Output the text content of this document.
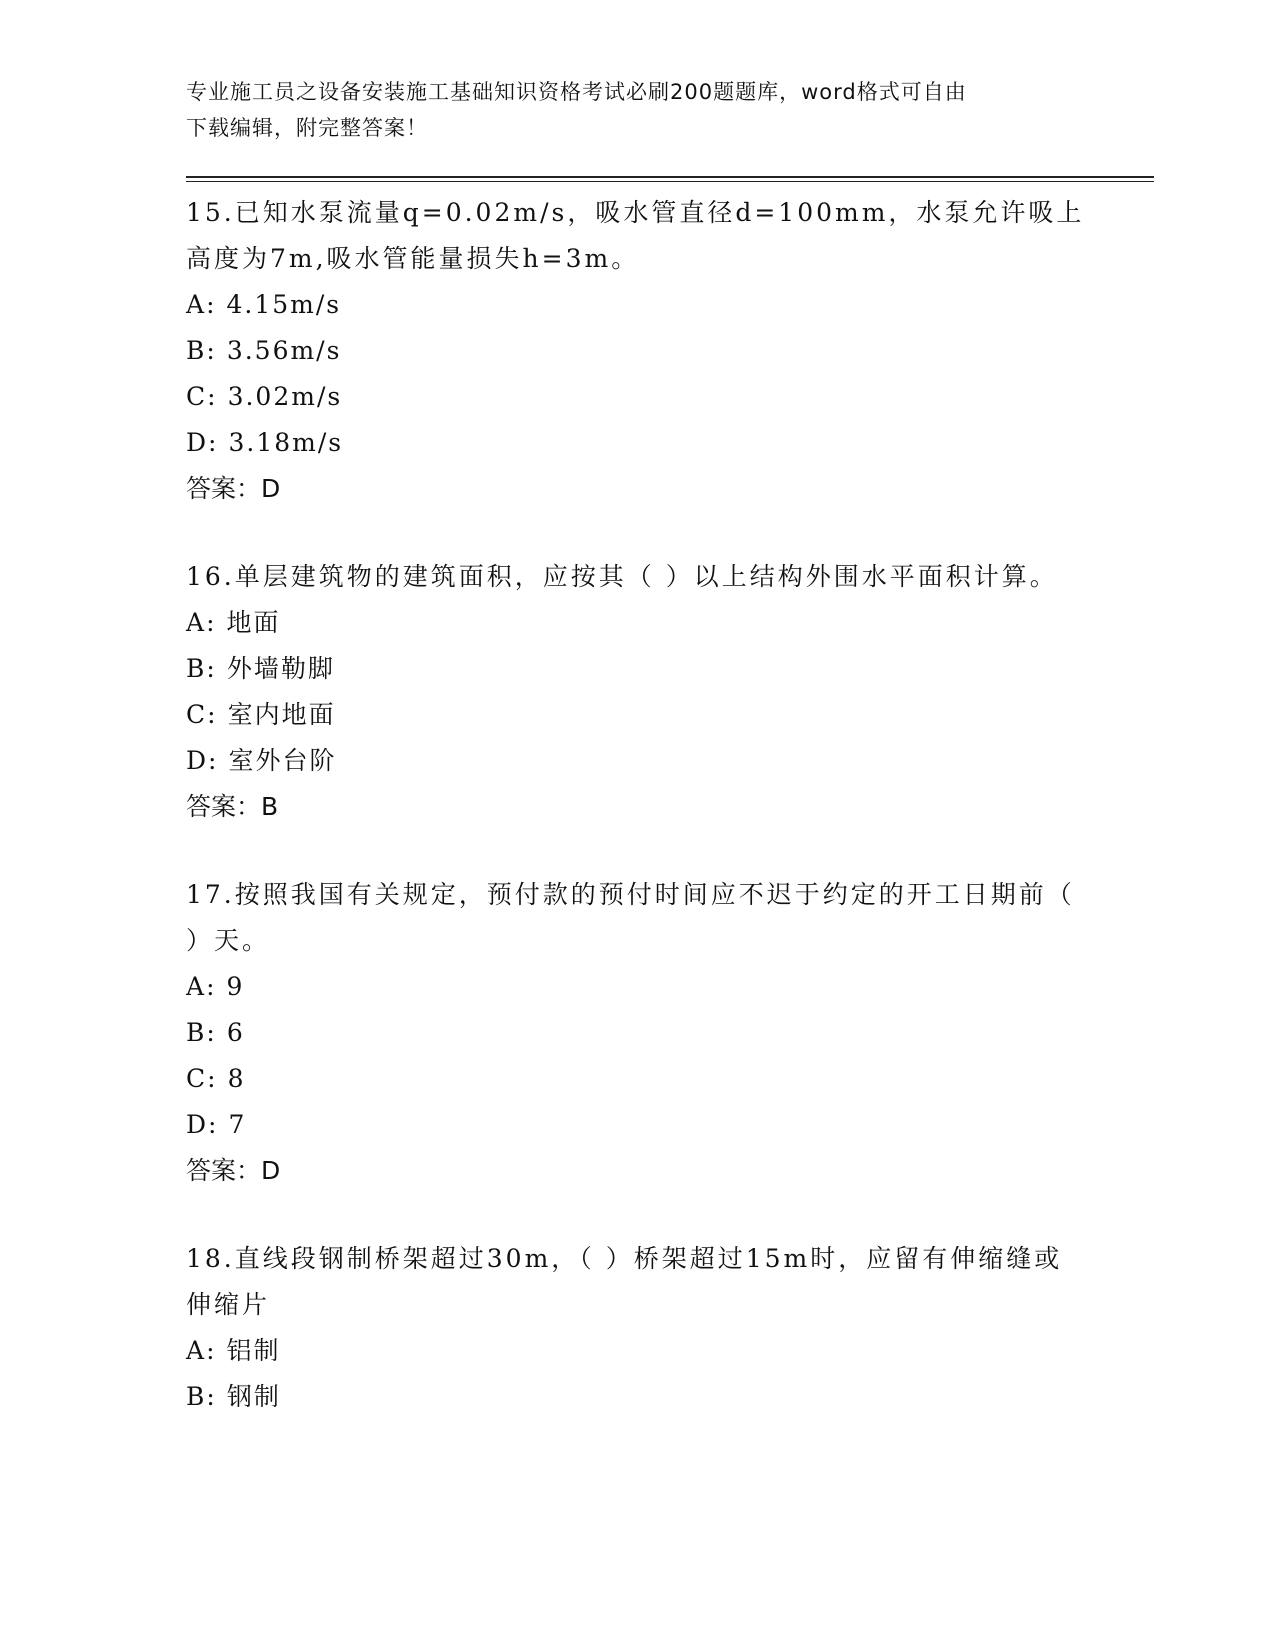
专业施工员之设备安装施工基础知识资格考试必刷200题题库，word格式可自由
下载编辑，附完整答案！

15.已知水泵流量q=0.02m/s，吸水管直径d=100mm，水泵允许吸上高度为7m,吸水管能量损失h=3m。

A: 4.15m/s

B: 3.56m/s

C: 3.02m/s

D: 3.18m/s

答案：D

16.单层建筑物的建筑面积，应按其（ ）以上结构外围水平面积计算。

A: 地面

B: 外墙勒脚

C: 室内地面

D: 室外台阶

答案：B

17.按照我国有关规定，预付款的预付时间应不迟于约定的开工日期前（ ）天。

A: 9

B: 6

C: 8

D: 7

答案：D

18.直线段钢制桥架超过30m，（ ）桥架超过15m时，应留有伸缩缝或伸缩片

A: 铝制

B: 钢制
